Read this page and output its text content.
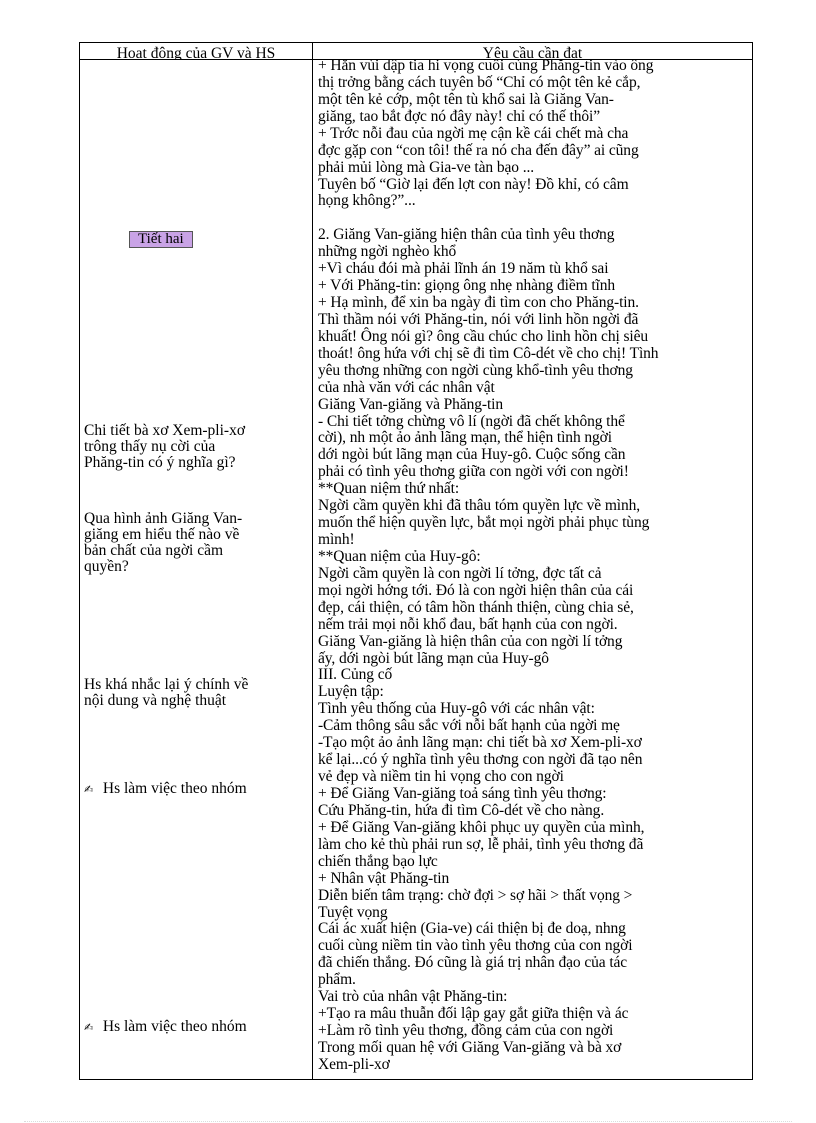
Hoạt động của GV và HS	Yêu cầu cần đạt
Tiết hai
Chi tiết bà xơ Xem-pli-xơ
trông thấy nụ cời của
Phăng-tin có ý nghĩa gì?
Qua hình ảnh Giăng Van-
giăng em hiểu thế nào về
bản chất của ngời cầm
quyền?
Hs khá nhắc lại ý chính về
nội dung và nghệ thuật
✍ Hs làm việc theo nhóm
✍ Hs làm việc theo nhóm
+ Hắn vùi dập tia hi vọng cuối cùng Phăng-tin vào ông
thị trởng bằng cách tuyên bố “Chỉ có một tên kẻ cắp,
một tên kẻ cớp, một tên tù khổ sai là Giăng Van-
giăng, tao bắt đợc nó đây này! chỉ có thế thôi”
+ Trớc nỗi đau của ngời mẹ cận kề cái chết mà cha
đợc gặp con “con tôi! thế ra nó cha đến đây” ai cũng
phải mủi lòng mà Gia-ve tàn bạo ...
Tuyên bố “Giờ lại đến lợt con này! Đồ khỉ, có câm
họng không?”...
2. Giăng Van-giăng hiện thân của tình yêu thơng
những ngời nghèo khổ
+Vì cháu đói mà phải lĩnh án 19 năm tù khổ sai
+ Với Phăng-tin: giọng ông nhẹ nhàng điềm tĩnh
+ Hạ mình, để xin ba ngày đi tìm con cho Phăng-tin.
Thì thầm nói với Phăng-tin, nói với linh hồn ngời đã
khuất! Ông nói gì? ông cầu chúc cho linh hồn chị siêu
thoát! ông hứa với chị sẽ đi tìm Cô-dét về cho chị! Tình
yêu thơng những con ngời cùng khổ-tình yêu thơng
của nhà văn với các nhân vật
Giăng Van-giăng và Phăng-tin
- Chi tiết tởng chừng vô lí (ngời đã chết không thể
cời), nh một ảo ảnh lãng mạn, thể hiện tình ngời
dới ngòi bút lãng mạn của Huy-gô. Cuộc sống cần
phải có tình yêu thơng giữa con ngời với con ngời!
**Quan niệm thứ nhất:
Ngời cầm quyền khi đã thâu tóm quyền lực về mình,
muốn thể hiện quyền lực, bắt mọi ngời phải phục tùng
mình!
**Quan niệm của Huy-gô:
Ngời cầm quyền là con ngời lí tởng, đợc tất cả
mọi ngời hớng tới. Đó là con ngời hiện thân của cái
đẹp, cái thiện, có tâm hồn thánh thiện, cùng chia sẻ,
nếm trải mọi nỗi khổ đau, bất hạnh của con ngời.
Giăng Van-giăng là hiện thân của con ngời lí tởng
ấy, dới ngòi bút lãng mạn của Huy-gô
III. Củng cố
Luyện tập:
Tình yêu thống của Huy-gô với các nhân vật:
-Cảm thông sâu sắc với nỗi bất hạnh của ngời mẹ
-Tạo một ảo ảnh lãng mạn: chi tiết bà xơ Xem-pli-xơ
kể lại...có ý nghĩa tình yêu thơng con ngời đã tạo nên
vẻ đẹp và niềm tin hi vọng cho con ngời
+ Để Giăng Van-giăng toả sáng tình yêu thơng:
Cứu Phăng-tin, hứa đi tìm Cô-dét về cho nàng.
+ Để Giăng Van-giăng khôi phục uy quyền của mình,
làm cho kẻ thù phải run sợ, lễ phải, tình yêu thơng đã
chiến thắng bạo lực
+ Nhân vật Phăng-tin
Diễn biến tâm trạng: chờ đợi > sợ hãi > thất vọng >
Tuyệt vọng
Cái ác xuất hiện (Gia-ve) cái thiện bị đe doạ, nhng
cuối cùng niềm tin vào tình yêu thơng của con ngời
đã chiến thắng. Đó cũng là giá trị nhân đạo của tác
phẩm.
Vai trò của nhân vật Phăng-tin:
+Tạo ra mâu thuẫn đối lập gay gắt giữa thiện và ác
+Làm rõ tình yêu thơng, đồng cảm của con ngời
Trong mối quan hệ với Giăng Van-giăng và bà xơ
Xem-pli-xơ
